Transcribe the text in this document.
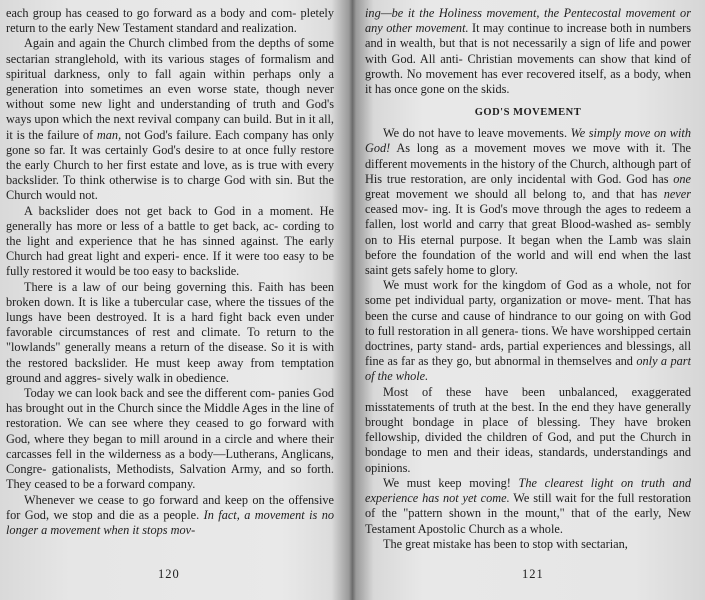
each group has ceased to go forward as a body and com- pletely return to the early New Testament standard and realization.

Again and again the Church climbed from the depths of some sectarian stranglehold, with its various stages of formalism and spiritual darkness, only to fall again within perhaps only a generation into sometimes an even worse state, though never without some new light and understanding of truth and God's ways upon which the next revival company can build. But in it all, it is the failure of man, not God's failure. Each company has only gone so far. It was certainly God's desire to at once fully restore the early Church to her first estate and love, as is true with every backslider. To think otherwise is to charge God with sin. But the Church would not.

A backslider does not get back to God in a moment. He generally has more or less of a battle to get back, ac- cording to the light and experience that he has sinned against. The early Church had great light and experi- ence. If it were too easy to be fully restored it would be too easy to backslide.

There is a law of our being governing this. Faith has been broken down. It is like a tubercular case, where the tissues of the lungs have been destroyed. It is a hard fight back even under favorable circumstances of rest and climate. To return to the "lowlands" generally means a return of the disease. So it is with the restored backslider. He must keep away from temptation ground and aggres- sively walk in obedience.

Today we can look back and see the different com- panies God has brought out in the Church since the Middle Ages in the line of restoration. We can see where they ceased to go forward with God, where they began to mill around in a circle and where their carcasses fell in the wilderness as a body—Lutherans, Anglicans, Congre- gationalists, Methodists, Salvation Army, and so forth. They ceased to be a forward company.

Whenever we cease to go forward and keep on the offensive for God, we stop and die as a people. In fact, a movement is no longer a movement when it stops mov-

120

ing—be it the Holiness movement, the Pentecostal movement or any other movement. It may continue to increase both in numbers and in wealth, but that is not necessarily a sign of life and power with God. All anti- Christian movements can show that kind of growth. No movement has ever recovered itself, as a body, when it has once gone on the skids.

GOD'S MOVEMENT

We do not have to leave movements. We simply move on with God! As long as a movement moves we move with it. The different movements in the history of the Church, although part of His true restoration, are only incidental with God. God has one great movement we should all belong to, and that has never ceased mov- ing. It is God's move through the ages to redeem a fallen, lost world and carry that great Blood-washed as- sembly on to His eternal purpose. It began when the Lamb was slain before the foundation of the world and will end when the last saint gets safely home to glory.

We must work for the kingdom of God as a whole, not for some pet individual party, organization or move- ment. That has been the curse and cause of hindrance to our going on with God to full restoration in all genera- tions. We have worshipped certain doctrines, party stand- ards, partial experiences and blessings, all fine as far as they go, but abnormal in themselves and only a part of the whole.

Most of these have been unbalanced, exaggerated misstatements of truth at the best. In the end they have generally brought bondage in place of blessing. They have broken fellowship, divided the children of God, and put the Church in bondage to men and their ideas, standards, understandings and opinions.

We must keep moving! The clearest light on truth and experience has not yet come. We still wait for the full restoration of the "pattern shown in the mount," that of the early, New Testament Apostolic Church as a whole.

The great mistake has been to stop with sectarian,

121
